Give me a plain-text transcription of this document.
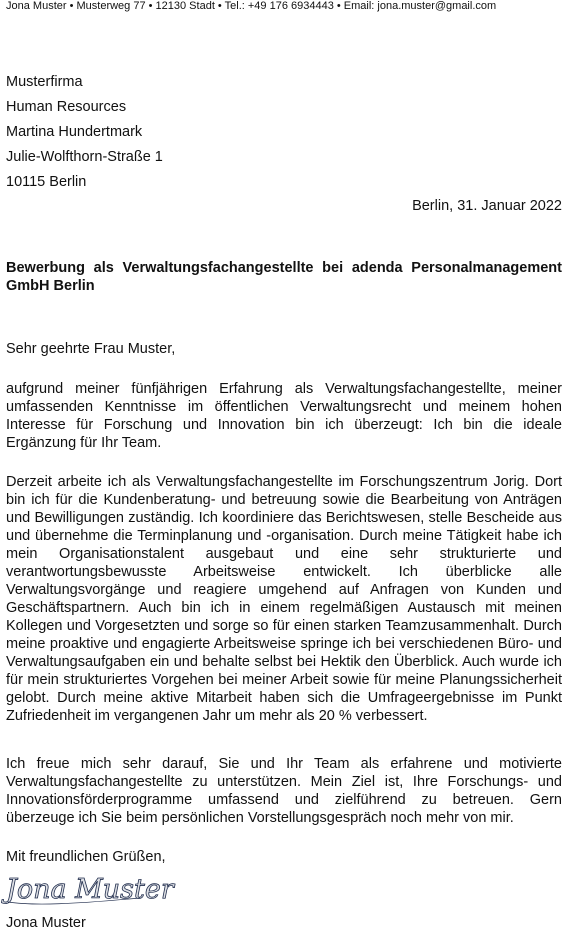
Jona Muster • Musterweg 77 • 12130 Stadt • Tel.: +49 176 6934443 • Email: jona.muster@gmail.com
Musterfirma
Human Resources
Martina Hundertmark
Julie-Wolfthorn-Straße 1
10115 Berlin
Berlin, 31. Januar 2022
Bewerbung als Verwaltungsfachangestellte bei adenda Personalmanagement GmbH Berlin
Sehr geehrte Frau Muster,

aufgrund meiner fünfjährigen Erfahrung als Verwaltungsfachangestellte, meiner umfassenden Kenntnisse im öffentlichen Verwaltungsrecht und meinem hohen Interesse für Forschung und Innovation bin ich überzeugt: Ich bin die ideale Ergänzung für Ihr Team.

Derzeit arbeite ich als Verwaltungsfachangestellte im Forschungszentrum Jorig. Dort bin ich für die Kundenberatung- und betreuung sowie die Bearbeitung von Anträgen und Bewilligungen zuständig. Ich koordiniere das Berichtswesen, stelle Bescheide aus und übernehme die Terminplanung und -organisation. Durch meine Tätigkeit habe ich mein Organisationstalent ausgebaut und eine sehr strukturierte und verantwortungsbewusste Arbeitsweise entwickelt. Ich überblicke alle Verwaltungsvorgänge und reagiere umgehend auf Anfragen von Kunden und Geschäftspartnern. Auch bin ich in einem regelmäßigen Austausch mit meinen Kollegen und Vorgesetzten und sorge so für einen starken Teamzusammenhalt. Durch meine proaktive und engagierte Arbeitsweise springe ich bei verschiedenen Büro- und Verwaltungsaufgaben ein und behalte selbst bei Hektik den Überblick. Auch wurde ich für mein strukturiertes Vorgehen bei meiner Arbeit sowie für meine Planungssicherheit gelobt. Durch meine aktive Mitarbeit haben sich die Umfrageergebnisse im Punkt Zufriedenheit im vergangenen Jahr um mehr als 20 % verbessert.

Ich freue mich sehr darauf, Sie und Ihr Team als erfahrene und motivierte Verwaltungsfachangestellte zu unterstützen. Mein Ziel ist, Ihre Forschungs- und Innovationsförderprogramme umfassend und zielführend zu betreuen. Gern überzeuge ich Sie beim persönlichen Vorstellungsgespräch noch mehr von mir.

Mit freundlichen Grüßen,
Jona Muster
Jona Muster
